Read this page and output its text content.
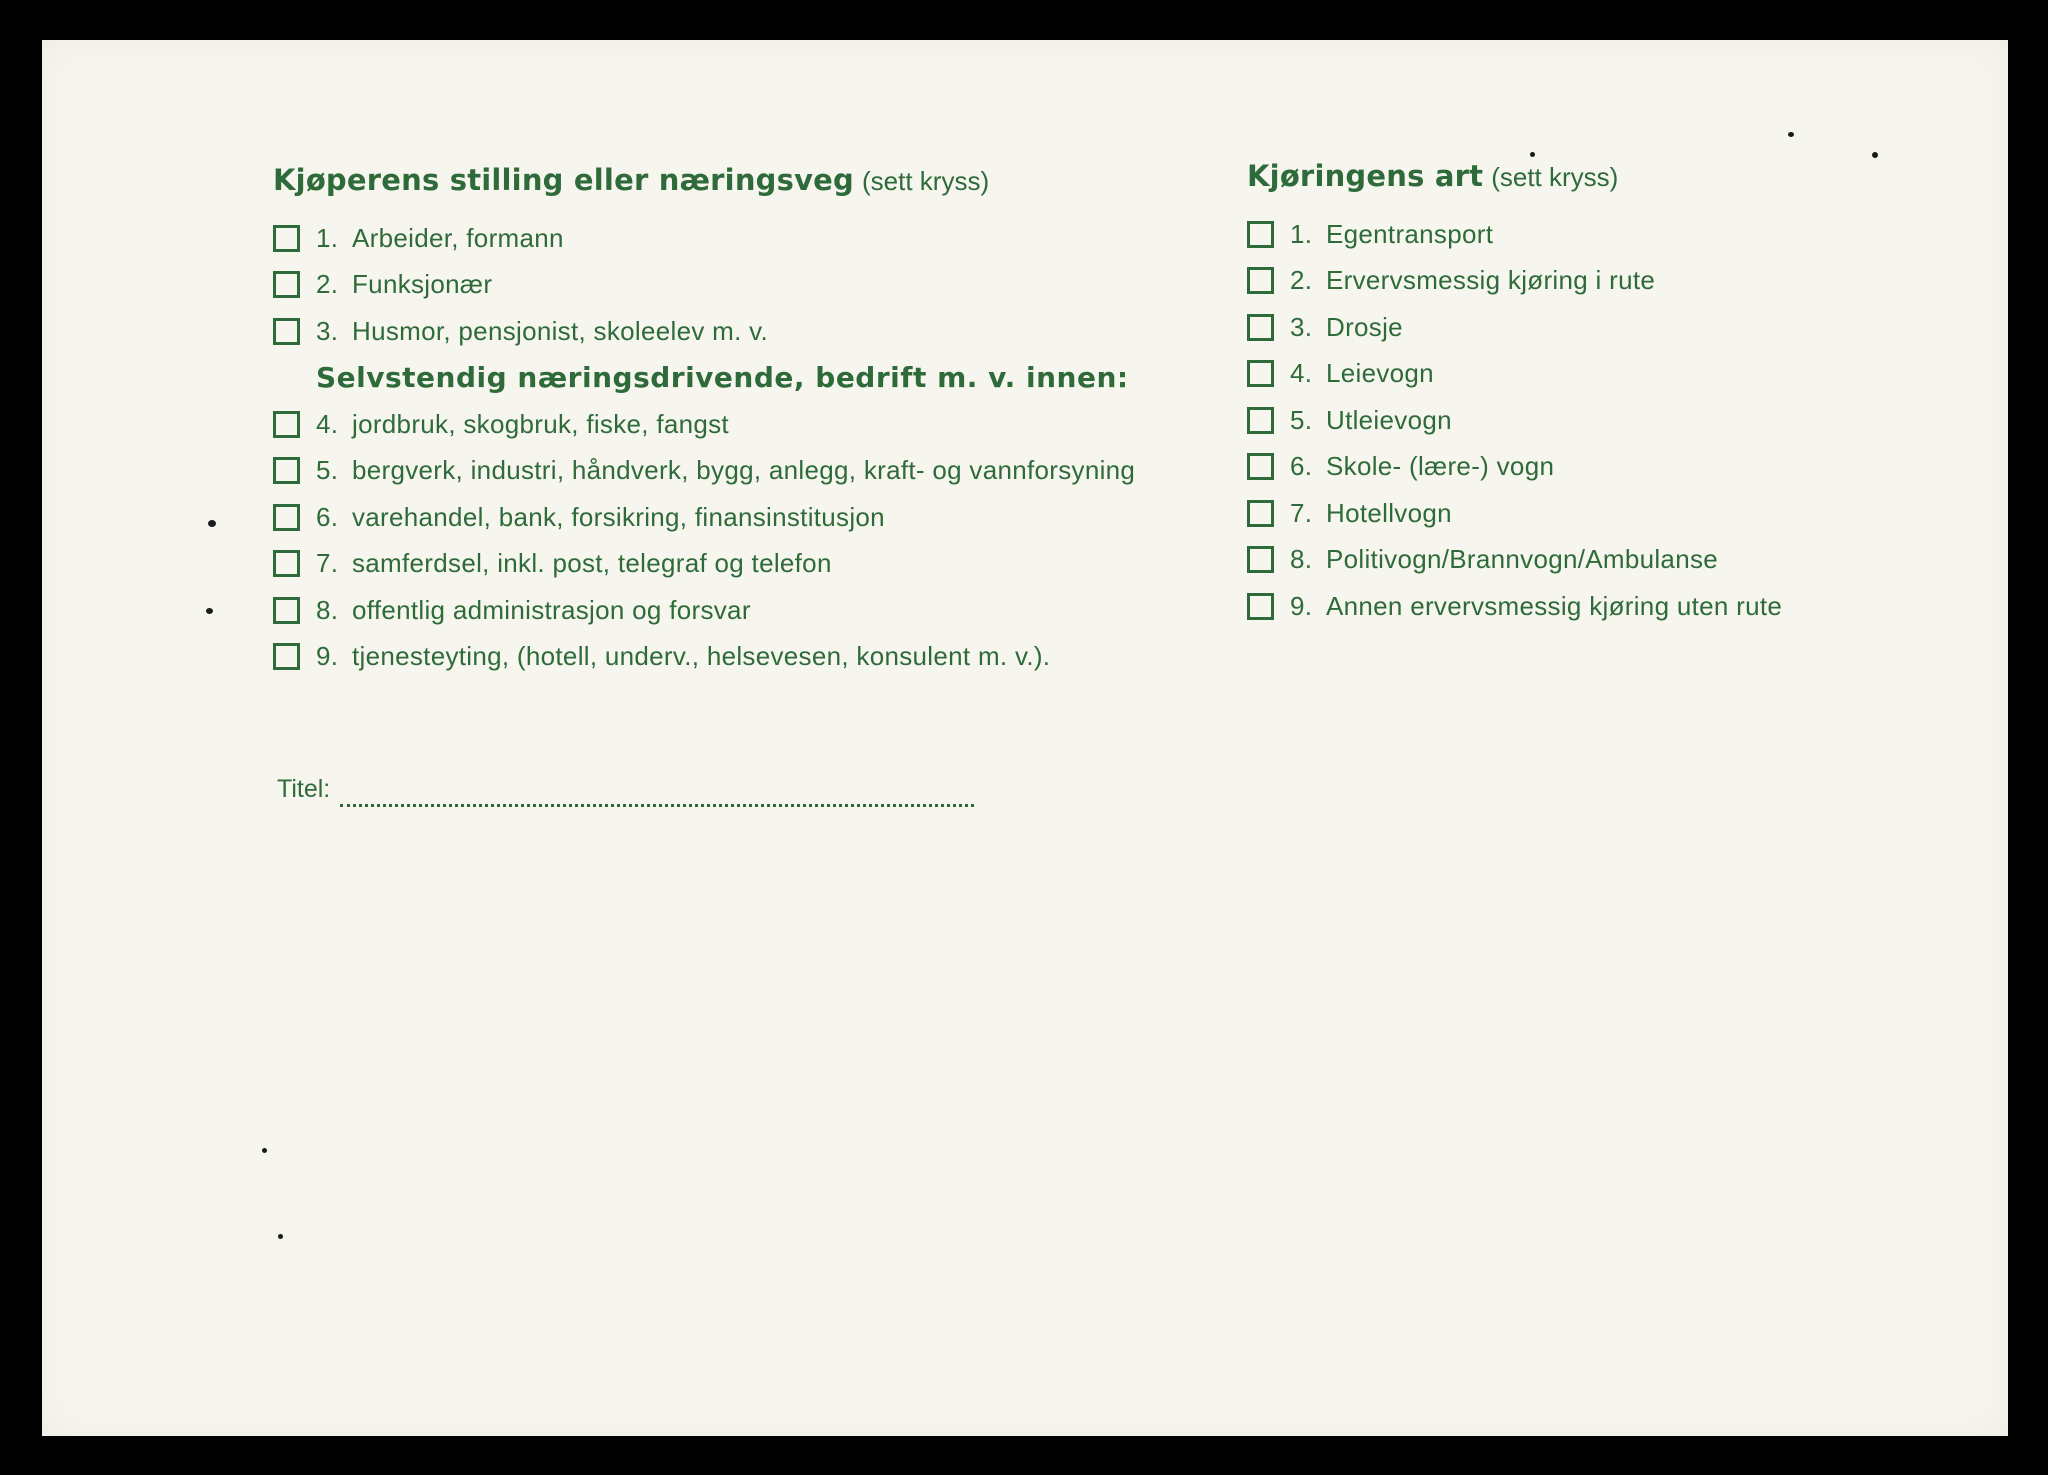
Kjøperens stilling eller næringsveg (sett kryss)
1. Arbeider, formann
2. Funksjonær
3. Husmor, pensjonist, skoleelev m. v.
Selvstendig næringsdrivende, bedrift m. v. innen:
4. jordbruk, skogbruk, fiske, fangst
5. bergverk, industri, håndverk, bygg, anlegg, kraft- og vannforsyning
6. varehandel, bank, forsikring, finansinstitusjon
7. samferdsel, inkl. post, telegraf og telefon
8. offentlig administrasjon og forsvar
9. tjenesteyting, (hotell, underv., helsevesen, konsulent m. v.).
Titel:
Kjøringens art (sett kryss)
1. Egentransport
2. Ervervsmessig kjøring i rute
3. Drosje
4. Leievogn
5. Utleievogn
6. Skole- (lære-) vogn
7. Hotellvogn
8. Politivogn/Brannvogn/Ambulanse
9. Annen ervervsmessig kjøring uten rute
